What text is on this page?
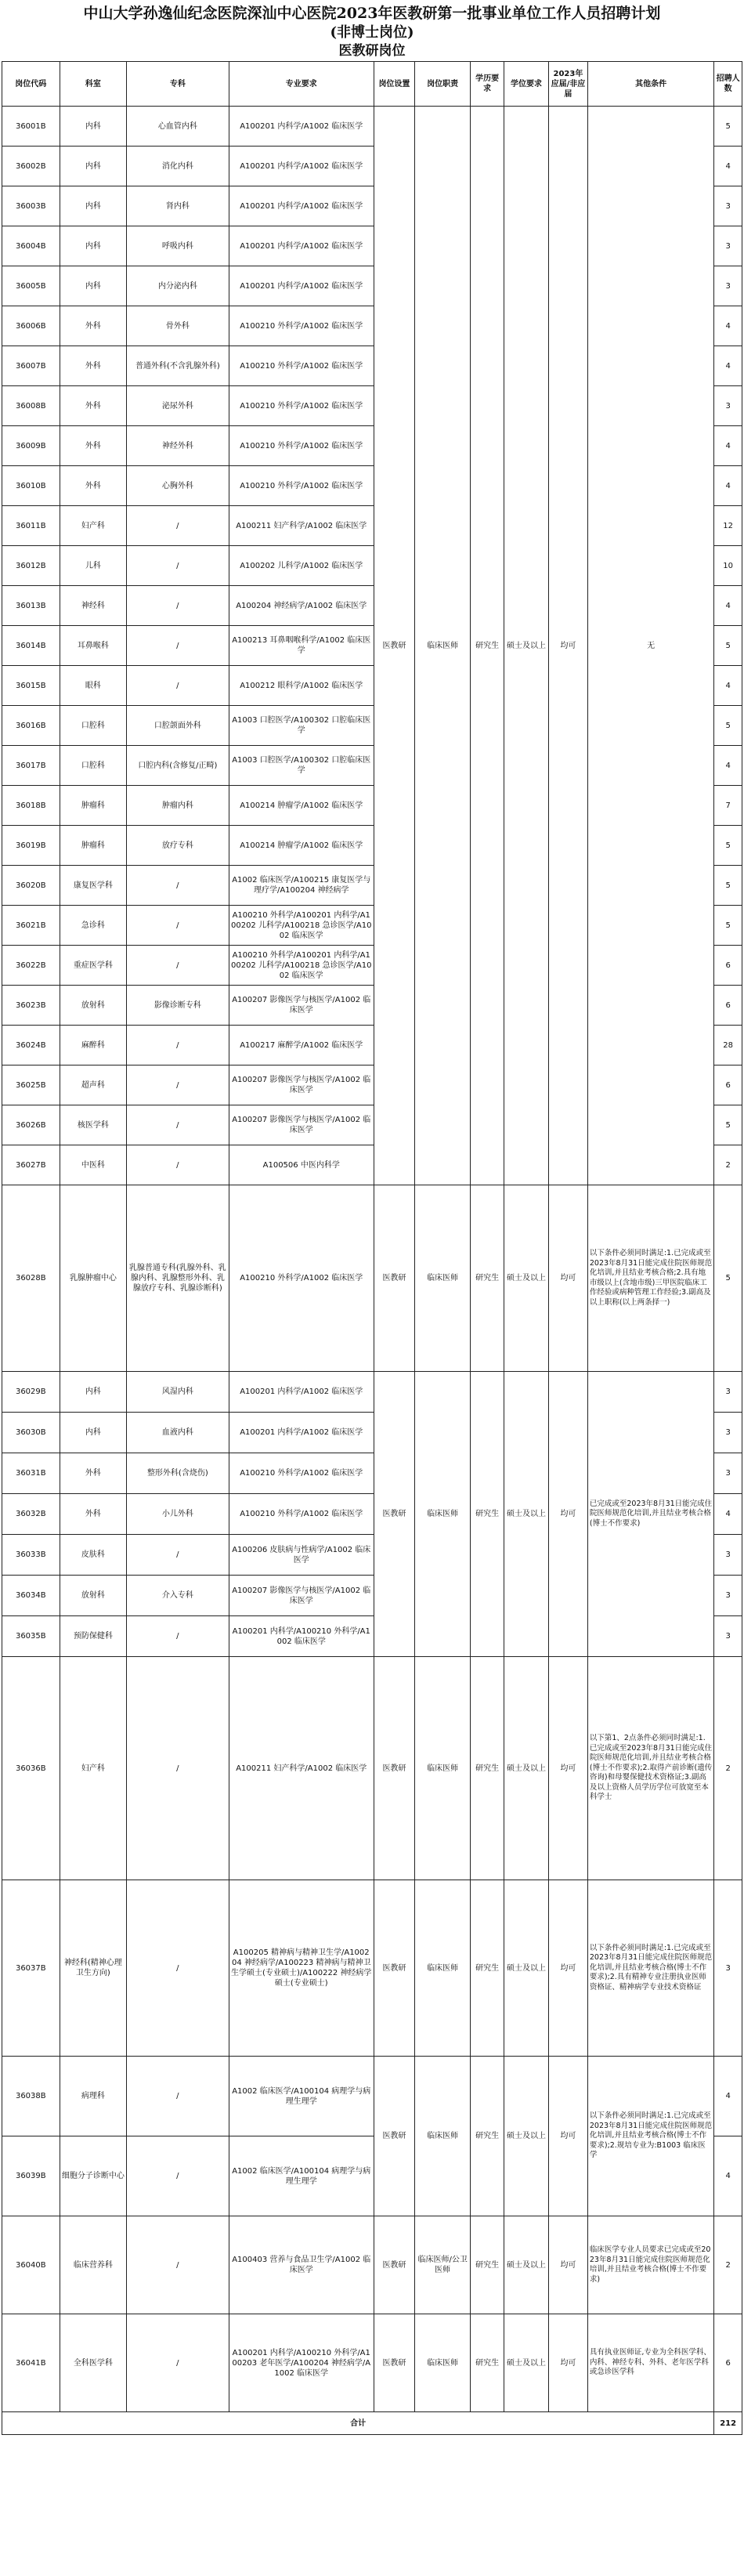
中山大学孙逸仙纪念医院深汕中心医院2023年医教研第一批事业单位工作人员招聘计划
(非博士岗位)
医教研岗位
岗位代码	科室	专科	专业要求	岗位设置	岗位职责	学历要求	学位要求	2023年应届/非应届	其他条件	招聘人数
36001B	内科	心血管内科	A100201 内科学/A1002 临床医学	医教研	临床医师	研究生	硕士及以上	均可	无	5
36002B	内科	消化内科	A100201 内科学/A1002 临床医学							4
36003B	内科	肾内科	A100201 内科学/A1002 临床医学							3
36004B	内科	呼吸内科	A100201 内科学/A1002 临床医学							3
36005B	内科	内分泌内科	A100201 内科学/A1002 临床医学							3
36006B	外科	骨外科	A100210 外科学/A1002 临床医学							4
36007B	外科	普通外科(不含乳腺外科)	A100210 外科学/A1002 临床医学							4
36008B	外科	泌尿外科	A100210 外科学/A1002 临床医学							3
36009B	外科	神经外科	A100210 外科学/A1002 临床医学							4
36010B	外科	心胸外科	A100210 外科学/A1002 临床医学							4
36011B	妇产科	/	A100211 妇产科学/A1002 临床医学							12
36012B	儿科	/	A100202 儿科学/A1002 临床医学							10
36013B	神经科	/	A100204 神经病学/A1002 临床医学							4
36014B	耳鼻喉科	/	A100213 耳鼻咽喉科学/A1002 临床医学							5
36015B	眼科	/	A100212 眼科学/A1002 临床医学							4
36016B	口腔科	口腔颌面外科	A1003 口腔医学/A100302 口腔临床医学							5
36017B	口腔科	口腔内科(含修复/正畸)	A1003 口腔医学/A100302 口腔临床医学							4
36018B	肿瘤科	肿瘤内科	A100214 肿瘤学/A1002 临床医学							7
36019B	肿瘤科	放疗专科	A100214 肿瘤学/A1002 临床医学							5
36020B	康复医学科	/	A1002 临床医学/A100215 康复医学与理疗学/A100204 神经病学							5
36021B	急诊科	/	A100210 外科学/A100201 内科学/A100202 儿科学/A100218 急诊医学/A1002 临床医学							5
36022B	重症医学科	/	A100210 外科学/A100201 内科学/A100202 儿科学/A100218 急诊医学/A1002 临床医学							6
36023B	放射科	影像诊断专科	A100207 影像医学与核医学/A1002 临床医学							6
36024B	麻醉科	/	A100217 麻醉学/A1002 临床医学							28
36025B	超声科	/	A100207 影像医学与核医学/A1002 临床医学							6
36026B	核医学科	/	A100207 影像医学与核医学/A1002 临床医学							5
36027B	中医科	/	A100506 中医内科学							2
36028B	乳腺肿瘤中心	乳腺普通专科(乳腺外科、乳腺内科、乳腺整形外科、乳腺放疗专科、乳腺诊断科)	A100210 外科学/A1002 临床医学	医教研	临床医师	研究生	硕士及以上	均可	以下条件必须同时满足:1.已完成或至2023年8月31日能完成住院医师规范化培训,并且结业考核合格;2.具有地市级以上(含地市级)三甲医院临床工作经验或病种管理工作经验;3.副高及以上职称(以上两条择一)	5
36029B	内科	风湿内科	A100201 内科学/A1002 临床医学	医教研	临床医师	研究生	硕士及以上	均可	已完成或至2023年8月31日能完成住院医师规范化培训,并且结业考核合格(博士不作要求)	3
36030B	内科	血液内科	A100201 内科学/A1002 临床医学							3
36031B	外科	整形外科(含烧伤)	A100210 外科学/A1002 临床医学							3
36032B	外科	小儿外科	A100210 外科学/A1002 临床医学							4
36033B	皮肤科	/	A100206 皮肤病与性病学/A1002 临床医学							3
36034B	放射科	介入专科	A100207 影像医学与核医学/A1002 临床医学							3
36035B	预防保健科	/	A100201 内科学/A100210 外科学/A1002 临床医学							3
36036B	妇产科	/	A100211 妇产科学/A1002 临床医学	医教研	临床医师	研究生	硕士及以上	均可	以下第1、2点条件必须同时满足:1.已完成或至2023年8月31日能完成住院医师规范化培训,并且结业考核合格(博士不作要求);2.取得产前诊断(遗传咨询)和母婴保健技术资格证;3.副高及以上资格人员学历学位可放宽至本科学士	2
36037B	神经科(精神心理卫生方向)	/	A100205 精神病与精神卫生学/A100204 神经病学/A100223 精神病与精神卫生学硕士(专业硕士)/A100222 神经病学硕士(专业硕士)	医教研	临床医师	研究生	硕士及以上	均可	以下条件必须同时满足:1.已完成或至2023年8月31日能完成住院医师规范化培训,并且结业考核合格(博士不作要求);2.具有精神专业注册执业医师资格证、精神病学专业技术资格证	3
36038B	病理科	/	A1002 临床医学/A100104 病理学与病理生理学	医教研	临床医师	研究生	硕士及以上	均可	以下条件必须同时满足:1.已完成或至2023年8月31日能完成住院医师规范化培训,并且结业考核合格(博士不作要求);2.规培专业为:B1003 临床医学	4
36039B	细胞分子诊断中心	/	A1002 临床医学/A100104 病理学与病理生理学							4
36040B	临床营养科	/	A100403 营养与食品卫生学/A1002 临床医学	医教研	临床医师/公卫医师	研究生	硕士及以上	均可	临床医学专业人员要求已完成或至2023年8月31日能完成住院医师规范化培训,并且结业考核合格(博士不作要求)	2
36041B	全科医学科	/	A100201 内科学/A100210 外科学/A100203 老年医学/A100204 神经病学/A1002 临床医学	医教研	临床医师	研究生	硕士及以上	均可	具有执业医师证,专业为全科医学科、内科、神经专科、外科、老年医学科或急诊医学科	6
合计										212
